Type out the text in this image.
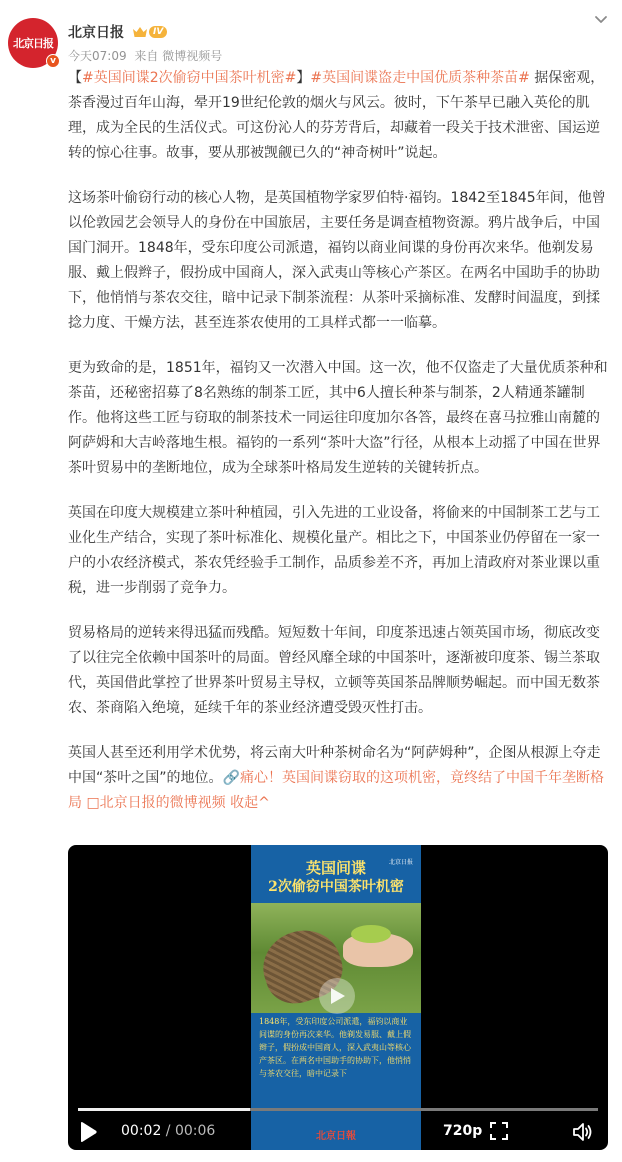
北京日报
v
北京日报	IV
今天07:09 来自 微博视频号

【#英国间谍2次偷窃中国茶叶机密#】#英国间谍盗走中国优质茶种茶苗# 据保密观，茶香漫过百年山海，晕开19世纪伦敦的烟火与风云。彼时，下午茶早已融入英伦的肌理，成为全民的生活仪式。可这份沁人的芬芳背后，却藏着一段关于技术泄密、国运逆转的惊心往事。故事，要从那被觊觎已久的“神奇树叶”说起。

这场茶叶偷窃行动的核心人物，是英国植物学家罗伯特·福钧。1842至1845年间，他曾以伦敦园艺会领导人的身份在中国旅居，主要任务是调查植物资源。鸦片战争后，中国国门洞开。1848年，受东印度公司派遣，福钧以商业间谍的身份再次来华。他剃发易服、戴上假辫子，假扮成中国商人，深入武夷山等核心产茶区。在两名中国助手的协助下，他悄悄与茶农交往，暗中记录下制茶流程：从茶叶采摘标准、发酵时间温度，到揉捻力度、干燥方法，甚至连茶农使用的工具样式都一一临摹。

更为致命的是，1851年，福钧又一次潜入中国。这一次，他不仅盗走了大量优质茶种和茶苗，还秘密招募了8名熟练的制茶工匠，其中6人擅长种茶与制茶，2人精通茶罐制作。他将这些工匠与窃取的制茶技术一同运往印度加尔各答，最终在喜马拉雅山南麓的阿萨姆和大吉岭落地生根。福钧的一系列“茶叶大盗”行径，从根本上动摇了中国在世界茶叶贸易中的垄断地位，成为全球茶叶格局发生逆转的关键转折点。

英国在印度大规模建立茶叶种植园，引入先进的工业设备，将偷来的中国制茶工艺与工业化生产结合，实现了茶叶标准化、规模化量产。相比之下，中国茶业仍停留在一家一户的小农经济模式，茶农凭经验手工制作，品质参差不齐，再加上清政府对茶业课以重税，进一步削弱了竞争力。

贸易格局的逆转来得迅猛而残酷。短短数十年间，印度茶迅速占领英国市场，彻底改变了以往完全依赖中国茶叶的局面。曾经风靡全球的中国茶叶，逐渐被印度茶、锡兰茶取代，英国借此掌控了世界茶叶贸易主导权，立顿等英国茶品牌顺势崛起。而中国无数茶农、茶商陷入绝境，延续千年的茶业经济遭受毁灭性打击。

英国人甚至还利用学术优势，将云南大叶种茶树命名为“阿萨姆种”，企图从根源上夺走中国“茶叶之国”的地位。🔗痛心！英国间谍窃取的这项机密，竟终结了中国千年垄断格局 □北京日报的微博视频 收起^

英国间谍
2次偷窃中国茶叶机密
北京日报
1848年，受东印度公司派遣，福钧以商业间谍的身份再次来华。他剃发易服、戴上假辫子，假扮成中国商人，深入武夷山等核心产茶区。在两名中国助手的协助下，他悄悄与茶农交往，暗中记录下
北京日報
00:02 / 00:06	720p
